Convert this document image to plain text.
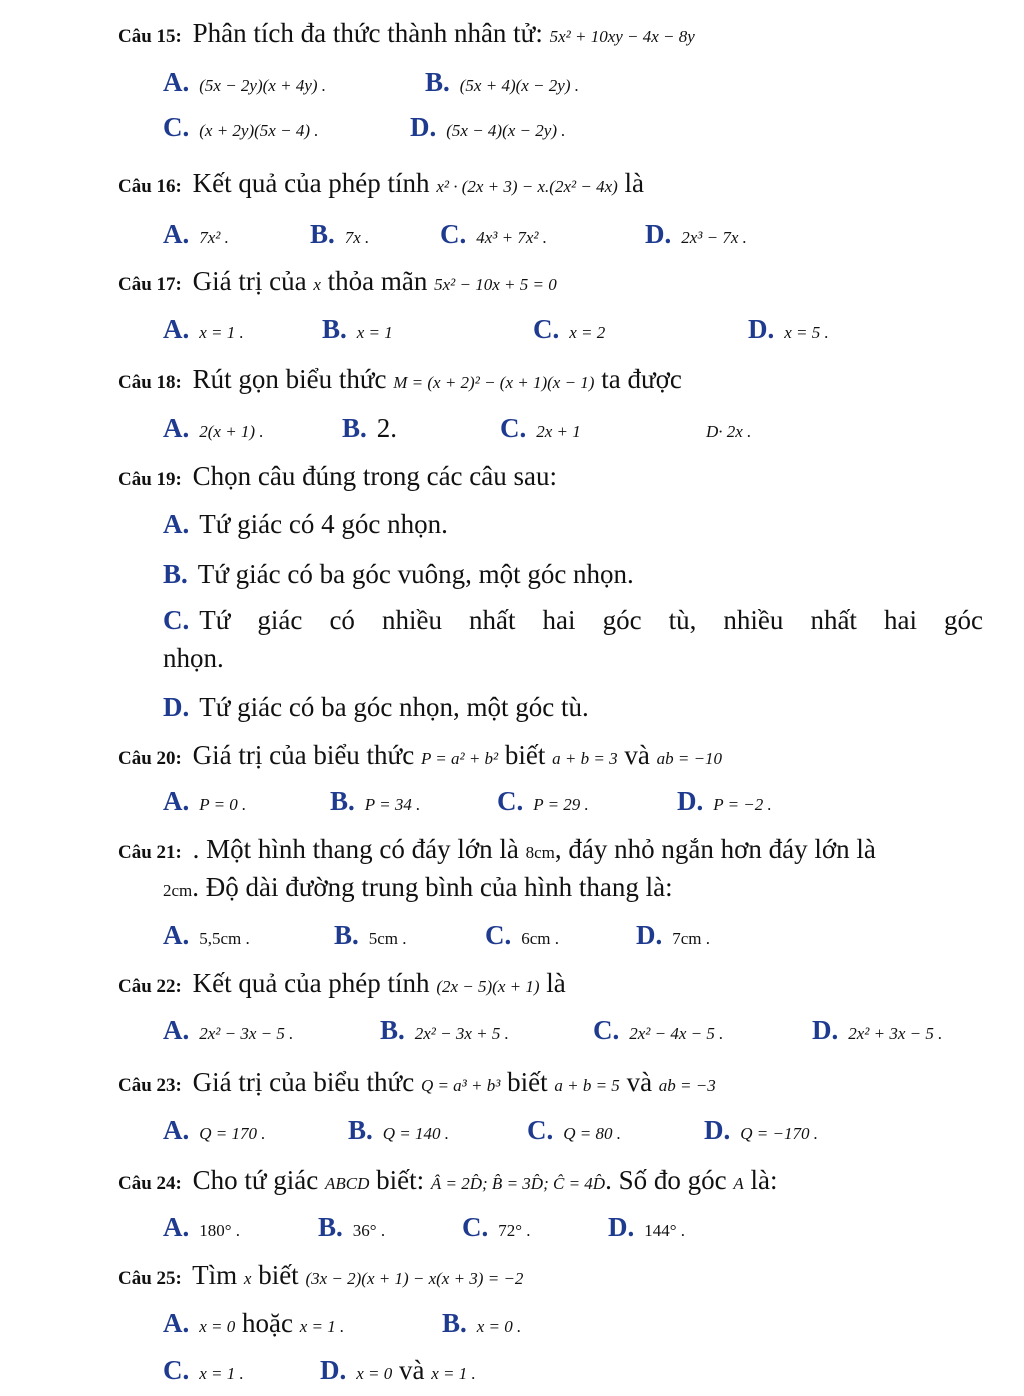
Câu 15: Phân tích đa thức thành nhân tử: 5x² + 10xy − 4x − 8y
A. (5x − 2y)(x + 4y) .	B. (5x + 4)(x − 2y) .
C. (x + 2y)(5x − 4) .	D. (5x − 4)(x − 2y) .
Câu 16: Kết quả của phép tính x² · (2x + 3) − x.(2x² − 4x) là
A. 7x² .	B. 7x .	C. 4x³ + 7x² .	D. 2x³ − 7x .
Câu 17: Giá trị của x thỏa mãn 5x² − 10x + 5 = 0
A. x = 1 .	B. x = 1	C. x = 2	D. x = 5 .
Câu 18: Rút gọn biểu thức M = (x + 2)² − (x + 1)(x − 1) ta được
A. 2(x + 1) .	B. 2.	C. 2x + 1	D· 2x .
Câu 19: Chọn câu đúng trong các câu sau:
A. Tứ giác có 4 góc nhọn.
B. Tứ giác có ba góc vuông, một góc nhọn.
C. Tứ giác có nhiều nhất hai góc tù, nhiều nhất hai góc
nhọn.
D. Tứ giác có ba góc nhọn, một góc tù.
Câu 20: Giá trị của biểu thức P = a² + b² biết a + b = 3 và ab = −10
A. P = 0 .	B. P = 34 .	C. P = 29 .	D. P = −2 .
Câu 21: . Một hình thang có đáy lớn là 8cm, đáy nhỏ ngắn hơn đáy lớn là
2cm. Độ dài đường trung bình của hình thang là:
A. 5,5cm .	B. 5cm .	C. 6cm .	D. 7cm .
Câu 22: Kết quả của phép tính (2x − 5)(x + 1) là
A. 2x² − 3x − 5 .	B. 2x² − 3x + 5 .	C. 2x² − 4x − 5 .	D. 2x² + 3x − 5 .
Câu 23: Giá trị của biểu thức Q = a³ + b³ biết a + b = 5 và ab = −3
A. Q = 170 .	B. Q = 140 .	C. Q = 80 .	D. Q = −170 .
Câu 24: Cho tứ giác ABCD biết: Â = 2D̂; B̂ = 3D̂; Ĉ = 4D̂. Số đo góc A là:
A. 180° .	B. 36° .	C. 72° .	D. 144° .
Câu 25: Tìm x biết (3x − 2)(x + 1) − x(x + 3) = −2
A. x = 0 hoặc x = 1 .	B. x = 0 .
C. x = 1 .	D. x = 0 và x = 1 .
